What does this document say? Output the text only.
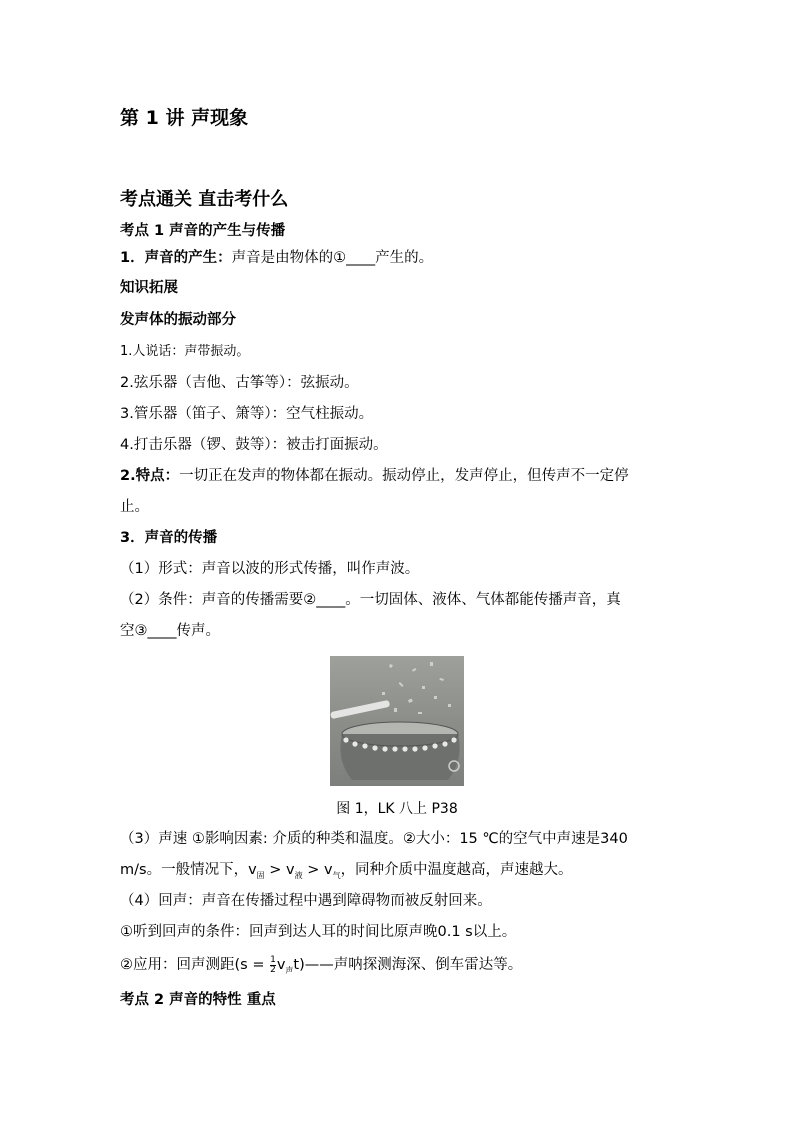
第 1 讲 声现象
考点通关 直击考什么
考点 1 声音的产生与传播
1．声音的产生：声音是由物体的①____产生的。
知识拓展
发声体的振动部分
1.人说话：声带振动。
2.弦乐器（吉他、古筝等）：弦振动。
3.管乐器（笛子、箫等）：空气柱振动。
4.打击乐器（锣、鼓等）：被击打面振动。
2.特点：一切正在发声的物体都在振动。振动停止，发声停止，但传声不一定停
止。
3．声音的传播
（1）形式：声音以波的形式传播，叫作声波。
（2）条件：声音的传播需要②____。一切固体、液体、气体都能传播声音，真
空③____传声。
图 1，LK 八上 P38
（3）声速 ①影响因素: 介质的种类和温度。②大小：15 ℃的空气中声速是340
m/s。一般情况下，$v_固 > v_液 > v_气$，同种介质中温度越高，声速越大。
（4）回声：声音在传播过程中遇到障碍物而被反射回来。
①听到回声的条件：回声到达人耳的时间比原声晚0.1 s以上。
②应用：回声测距($s = \frac{1}{2}$ $v_声t)——$声呐探测海深、倒车雷达等。
考点 2 声音的特性 重点
